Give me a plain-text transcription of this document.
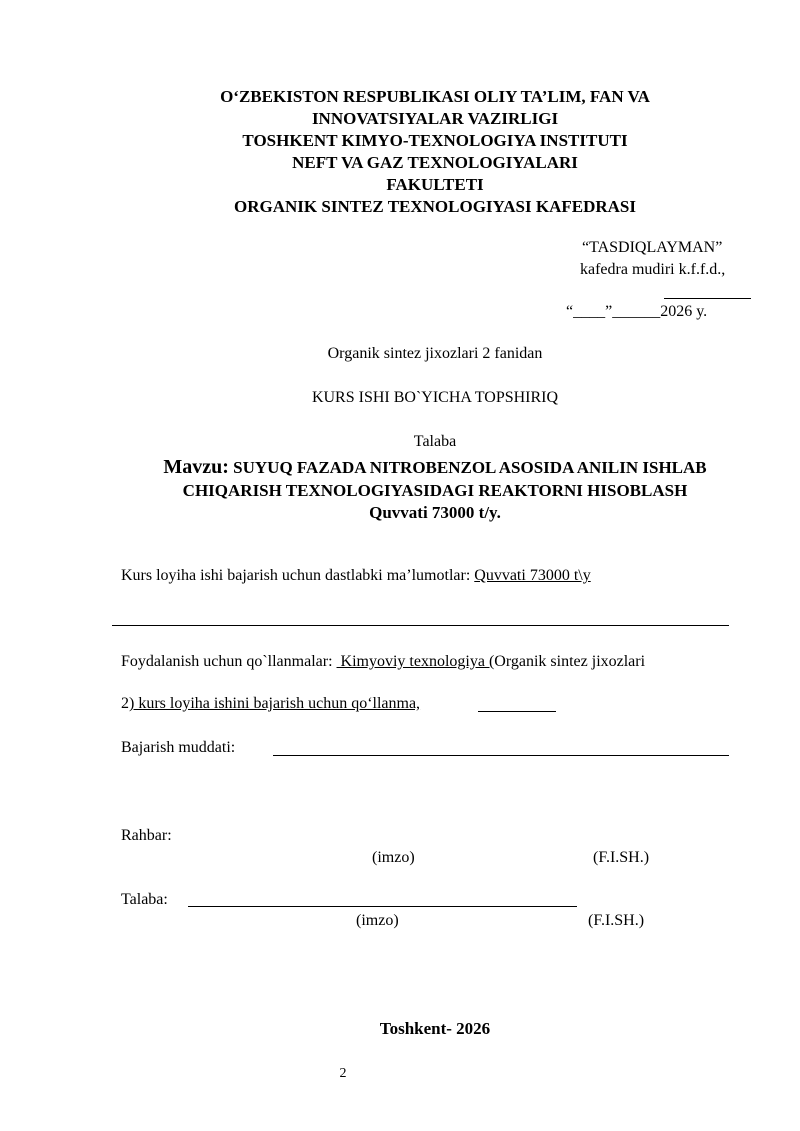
O‘ZBEKISTON RESPUBLIKASI OLIY TA’LIM, FAN VA
INNOVATSIYALAR VAZIRLIGI
TOSHKENT KIMYO-TEXNOLOGIYA INSTITUTI
NEFT VA GAZ TEXNOLOGIYALARI
FAKULTETI
ORGANIK SINTEZ TEXNOLOGIYASI KAFEDRASI
“TASDIQLAYMAN”
kafedra mudiri k.f.f.d.,
“____”______2026 y.
Organik sintez jixozlari 2 fanidan
KURS ISHI BO`YICHA TOPSHIRIQ
Talaba
Mavzu: SUYUQ FAZADA NITROBENZOL ASOSIDA ANILIN ISHLAB
CHIQARISH TEXNOLOGIYASIDAGI REAKTORNI HISOBLASH
Quvvati 73000 t/y.
Kurs loyiha ishi bajarish uchun dastlabki ma’lumotlar: Quvvati 73000 t\y
Foydalanish uchun qo`llanmalar:  Kimyoviy texnologiya (Organik sintez jixozlari
2) kurs loyiha ishini bajarish uchun qo‘llanma,
Bajarish muddati:
Rahbar:
(imzo)	(F.I.SH.)
Talaba:
(imzo)	(F.I.SH.)
Toshkent- 2026
2
